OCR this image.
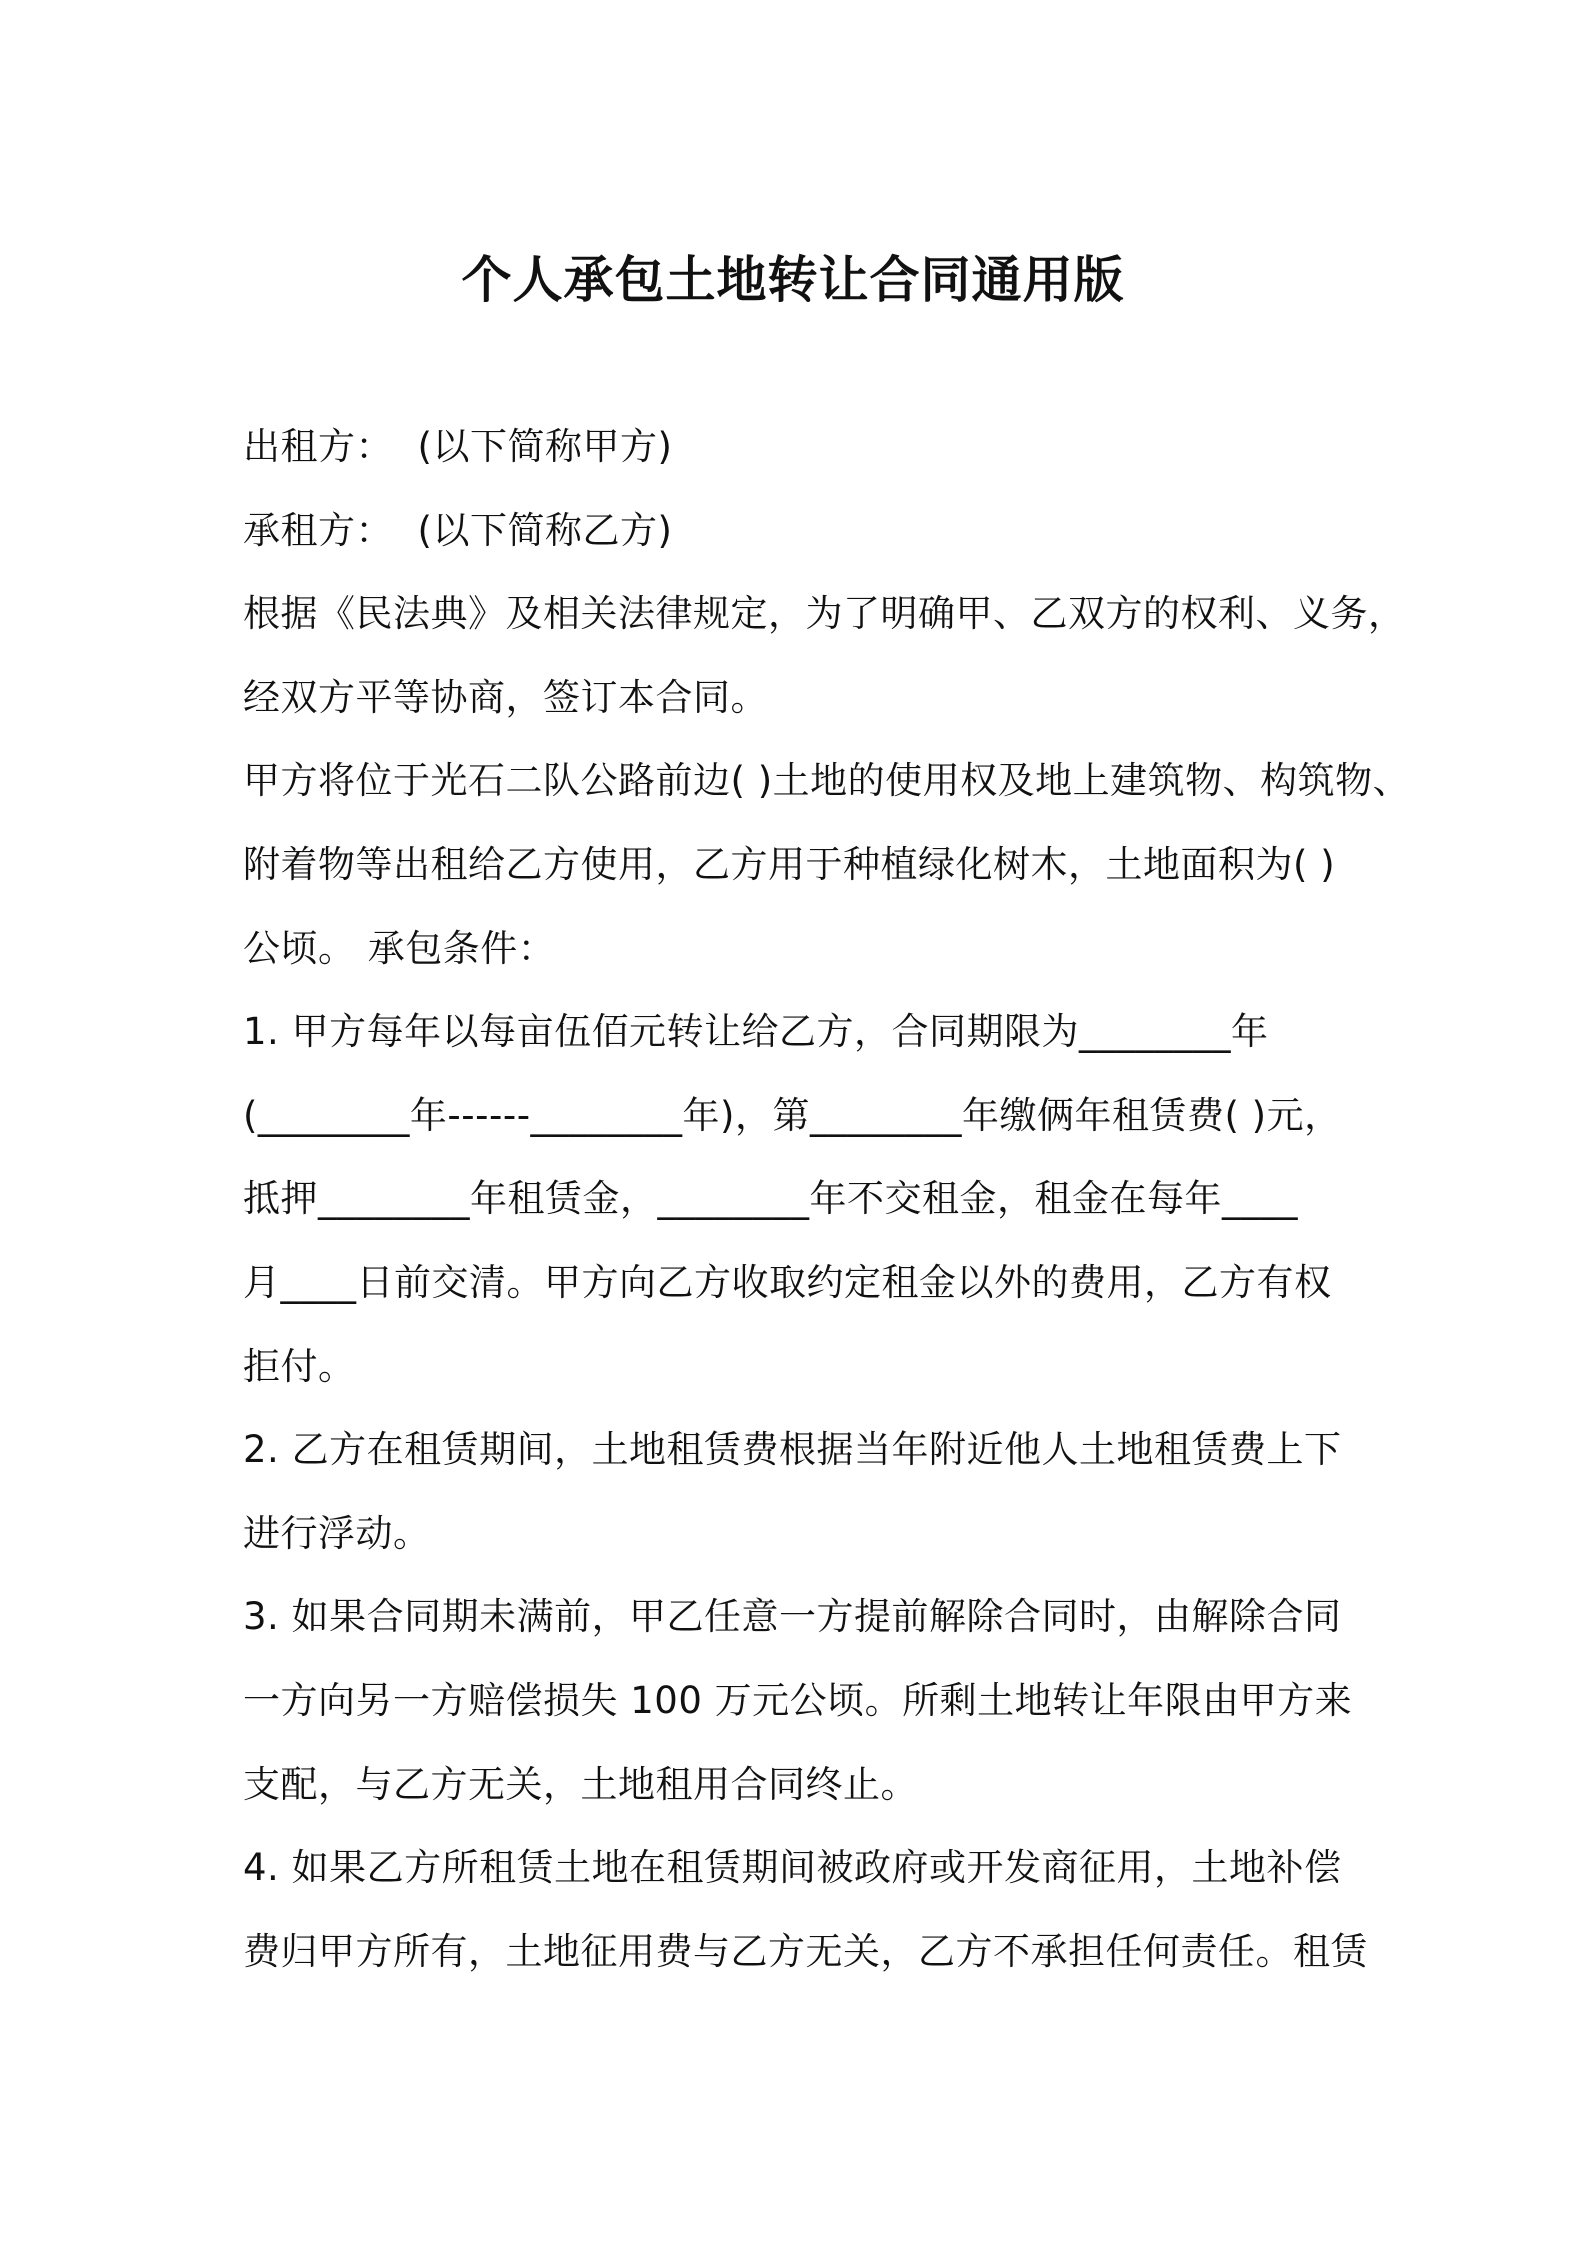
个人承包土地转让合同通用版
出租方：  (以下简称甲方)
承租方：  (以下简称乙方)
根据《民法典》及相关法律规定，为了明确甲、乙双方的权利、义务，
经双方平等协商，签订本合同。
甲方将位于光石二队公路前边( )土地的使用权及地上建筑物、构筑物、
附着物等出租给乙方使用，乙方用于种植绿化树木，土地面积为( )
公顷。 承包条件：
1. 甲方每年以每亩伍佰元转让给乙方，合同期限为________年
(________年------________年)，第________年缴俩年租赁费( )元，
抵押________年租赁金，________年不交租金，租金在每年____
月____日前交清。甲方向乙方收取约定租金以外的费用，乙方有权
拒付。
2. 乙方在租赁期间，土地租赁费根据当年附近他人土地租赁费上下
进行浮动。
3. 如果合同期未满前，甲乙任意一方提前解除合同时，由解除合同
一方向另一方赔偿损失 100 万元公顷。所剩土地转让年限由甲方来
支配，与乙方无关，土地租用合同终止。
4. 如果乙方所租赁土地在租赁期间被政府或开发商征用，土地补偿
费归甲方所有，土地征用费与乙方无关，乙方不承担任何责任。租赁
